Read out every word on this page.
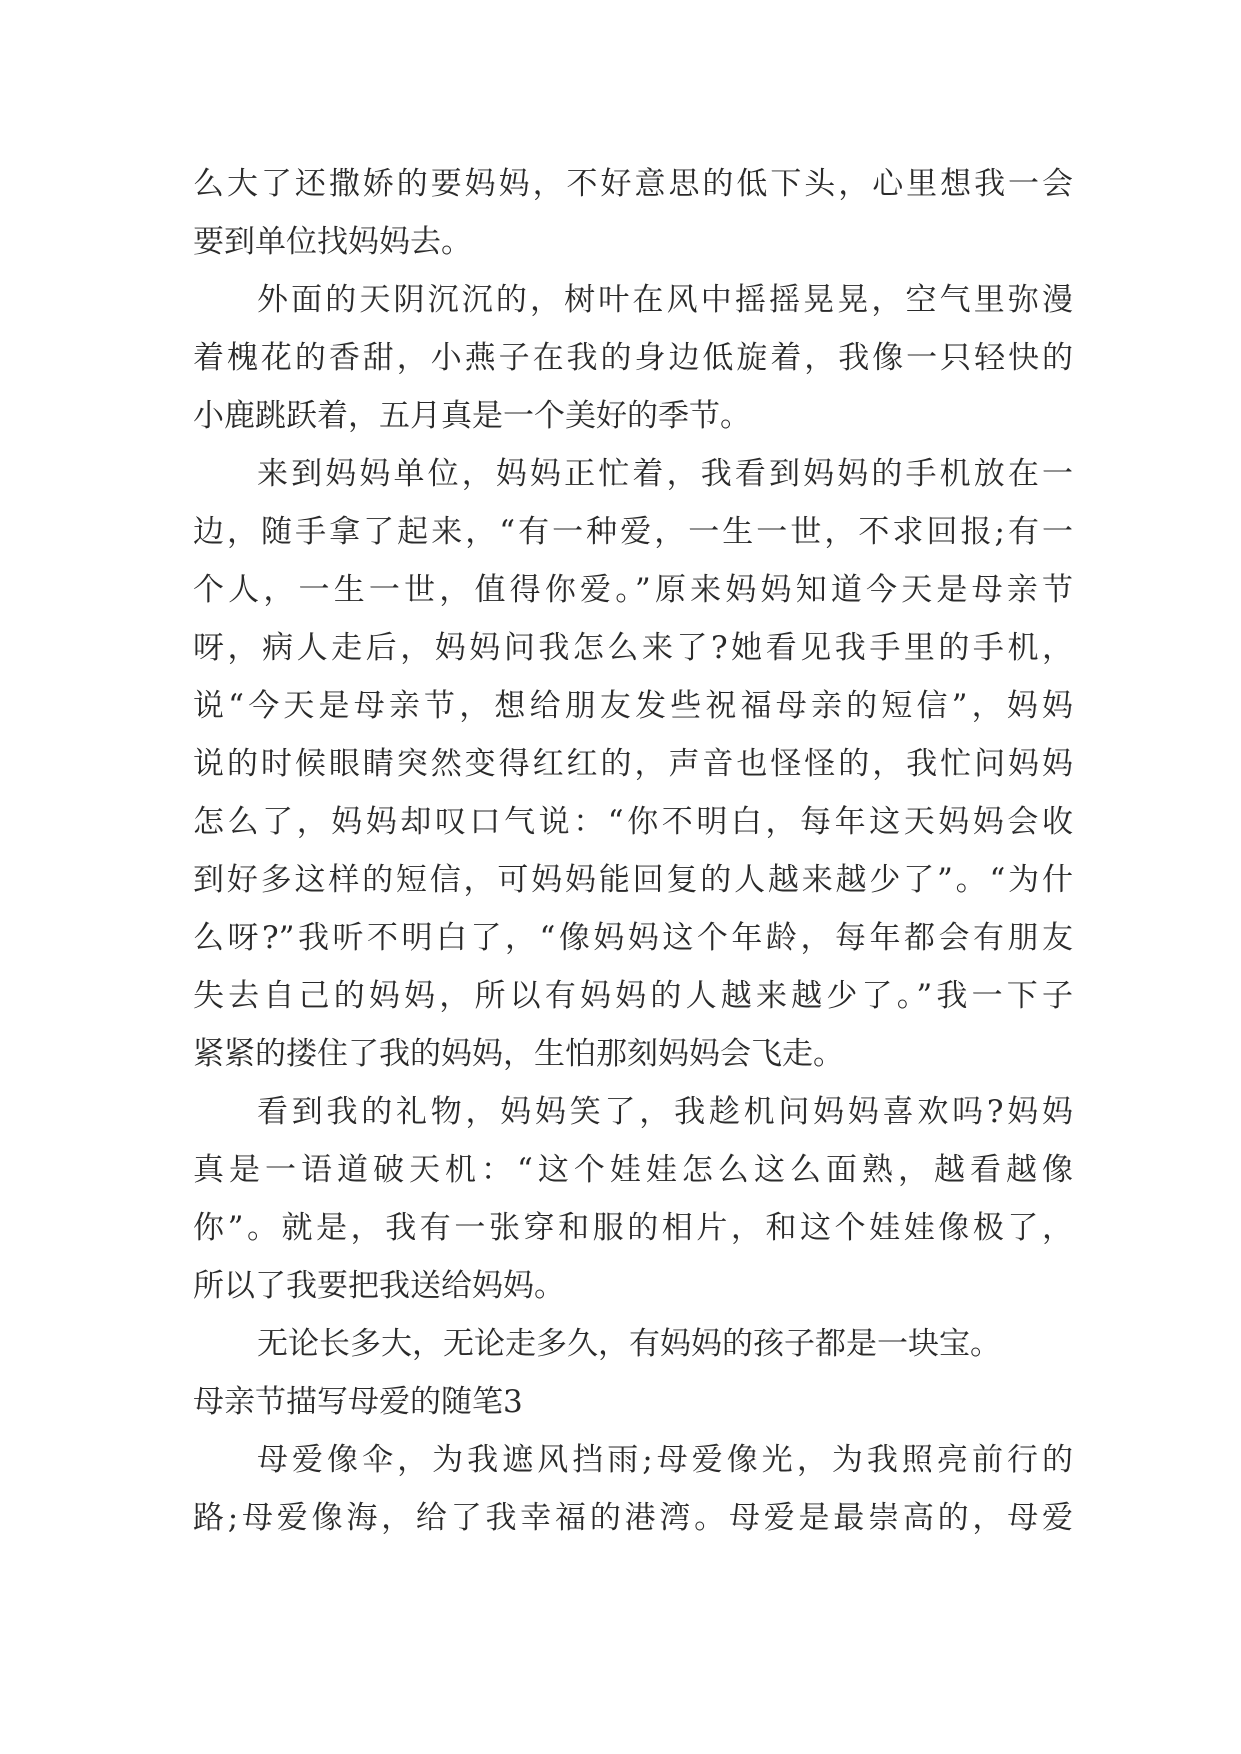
么大了还撒娇的要妈妈，不好意思的低下头，心里想我一会
要到单位找妈妈去。
外面的天阴沉沉的，树叶在风中摇摇晃晃，空气里弥漫
着槐花的香甜，小燕子在我的身边低旋着，我像一只轻快的
小鹿跳跃着，五月真是一个美好的季节。
来到妈妈单位，妈妈正忙着，我看到妈妈的手机放在一
边，随手拿了起来，“有一种爱，一生一世，不求回报;有一
个人，一生一世，值得你爱。”原来妈妈知道今天是母亲节
呀，病人走后，妈妈问我怎么来了?她看见我手里的手机，
说“今天是母亲节，想给朋友发些祝福母亲的短信”，妈妈
说的时候眼睛突然变得红红的，声音也怪怪的，我忙问妈妈
怎么了，妈妈却叹口气说：“你不明白，每年这天妈妈会收
到好多这样的短信，可妈妈能回复的人越来越少了”。“为什
么呀?”我听不明白了，“像妈妈这个年龄，每年都会有朋友
失去自己的妈妈，所以有妈妈的人越来越少了。”我一下子
紧紧的搂住了我的妈妈，生怕那刻妈妈会飞走。
看到我的礼物，妈妈笑了，我趁机问妈妈喜欢吗?妈妈
真是一语道破天机：“这个娃娃怎么这么面熟，越看越像
你”。就是，我有一张穿和服的相片，和这个娃娃像极了，
所以了我要把我送给妈妈。
无论长多大，无论走多久，有妈妈的孩子都是一块宝。
母亲节描写母爱的随笔3
母爱像伞，为我遮风挡雨;母爱像光，为我照亮前行的
路;母爱像海，给了我幸福的港湾。母爱是最崇高的，母爱
